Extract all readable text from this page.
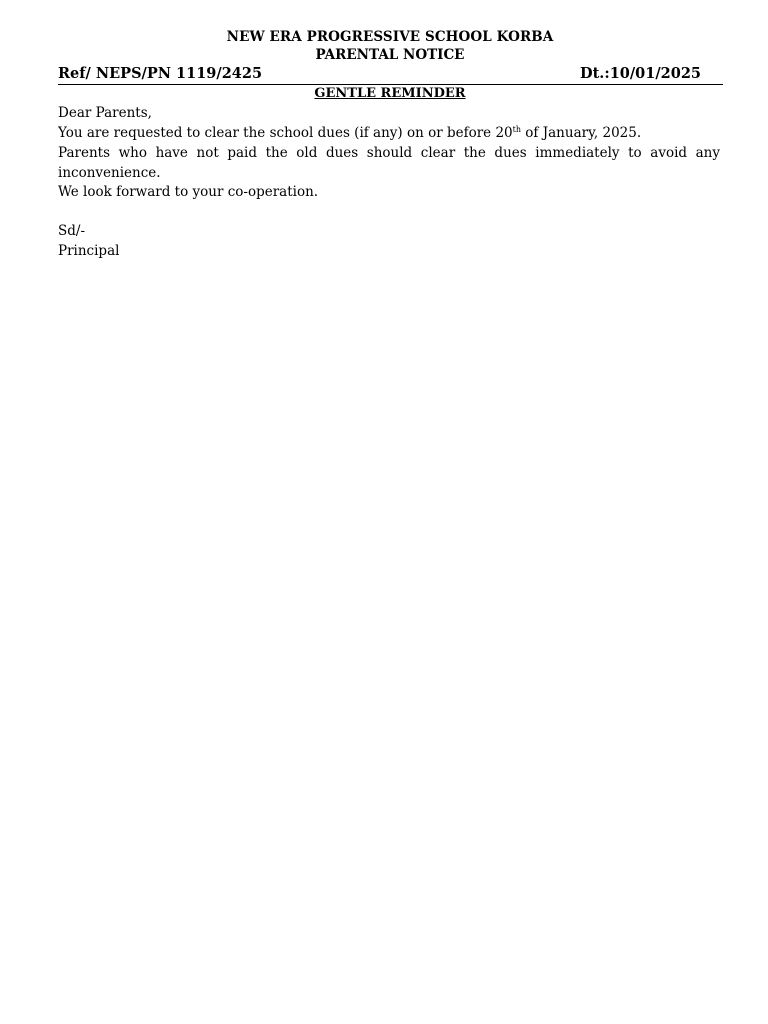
NEW ERA PROGRESSIVE SCHOOL KORBA
PARENTAL NOTICE
Ref/ NEPS/PN 1119/2425	Dt.:10/01/2025
GENTLE REMINDER
Dear Parents,
You are requested to clear the school dues (if any) on or before 20th of January, 2025.
Parents who have not paid the old dues should clear the dues immediately to avoid any inconvenience.
We look forward to your co-operation.
Sd/-
Principal
